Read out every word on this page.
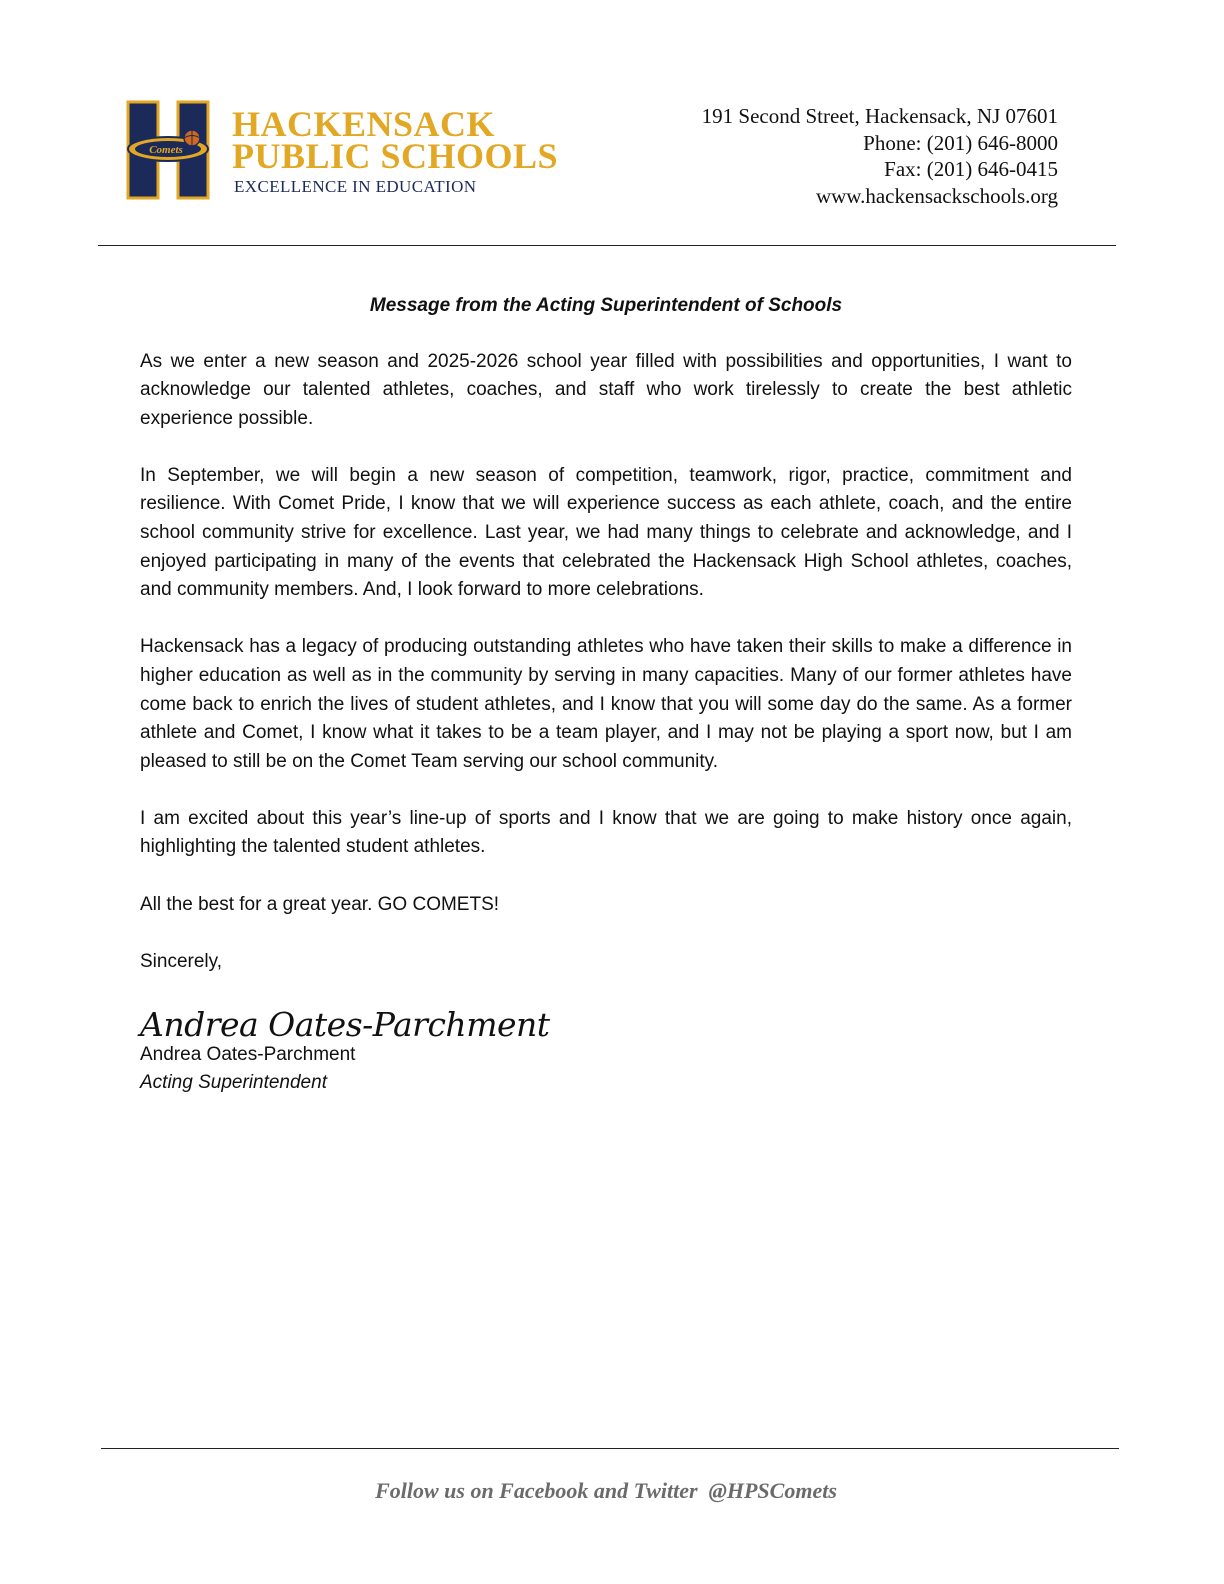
Comets
HACKENSACK
PUBLIC SCHOOLS
EXCELLENCE IN EDUCATION
191 Second Street, Hackensack, NJ 07601
Phone: (201) 646-8000
Fax: (201) 646-0415
www.hackensackschools.org
Message from the Acting Superintendent of Schools

As we enter a new season and 2025-2026 school year filled with possibilities and opportunities, I want to acknowledge our talented athletes, coaches, and staff who work tirelessly to create the best athletic experience possible.

In September, we will begin a new season of competition, teamwork, rigor, practice, commitment and resilience. With Comet Pride, I know that we will experience success as each athlete, coach, and the entire school community strive for excellence. Last year, we had many things to celebrate and acknowledge, and I enjoyed participating in many of the events that celebrated the Hackensack High School athletes, coaches, and community members. And, I look forward to more celebrations.

Hackensack has a legacy of producing outstanding athletes who have taken their skills to make a difference in higher education as well as in the community by serving in many capacities. Many of our former athletes have come back to enrich the lives of student athletes, and I know that you will some day do the same. As a former athlete and Comet, I know what it takes to be a team player, and I may not be playing a sport now, but I am pleased to still be on the Comet Team serving our school community.

I am excited about this year’s line-up of sports and I know that we are going to make history once again, highlighting the talented student athletes.

All the best for a great year. GO COMETS!

Sincerely,

Andrea Oates-Parchment
Andrea Oates-Parchment
Acting Superintendent
Follow us on Facebook and Twitter  @HPSComets
